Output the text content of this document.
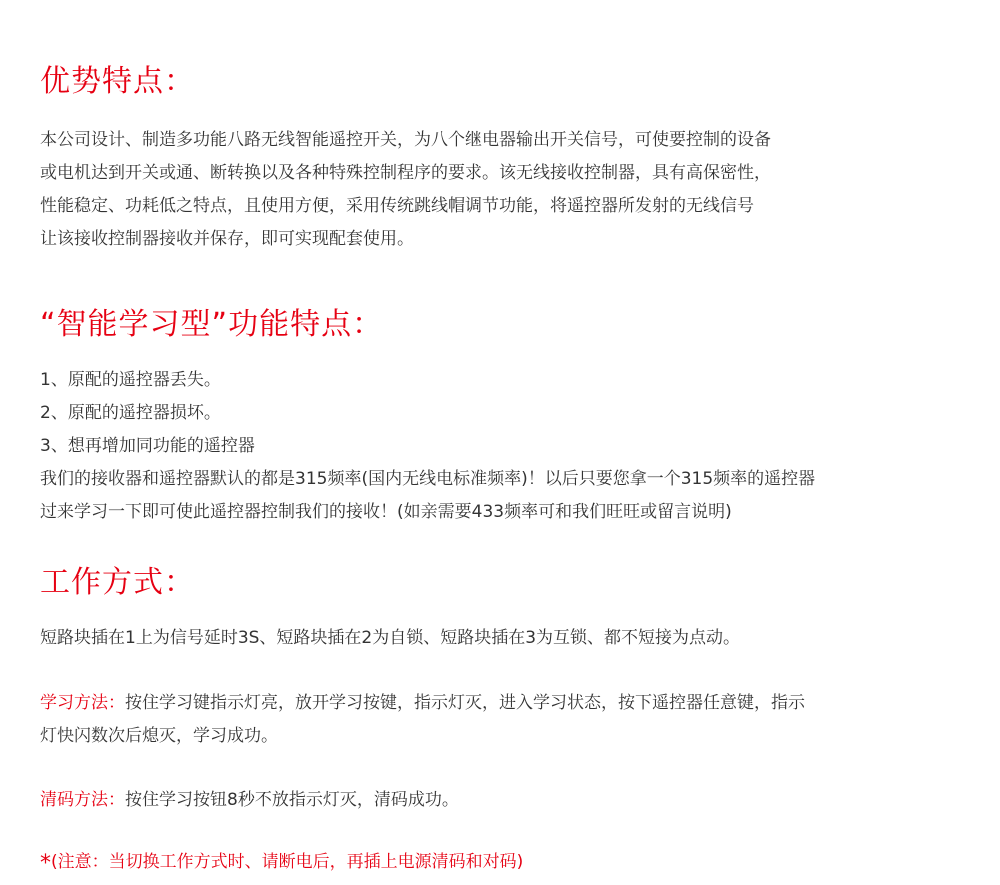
优势特点：
本公司设计、制造多功能八路无线智能遥控开关，为八个继电器输出开关信号，可使要控制的设备
或电机达到开关或通、断转换以及各种特殊控制程序的要求。该无线接收控制器，具有高保密性，
性能稳定、功耗低之特点，且使用方便，采用传统跳线帽调节功能，将遥控器所发射的无线信号
让该接收控制器接收并保存，即可实现配套使用。
“智能学习型”功能特点：
1、原配的遥控器丢失。
2、原配的遥控器损坏。
3、想再增加同功能的遥控器
我们的接收器和遥控器默认的都是315频率(国内无线电标准频率)！以后只要您拿一个315频率的遥控器
过来学习一下即可使此遥控器控制我们的接收！(如亲需要433频率可和我们旺旺或留言说明)
工作方式：
短路块插在1上为信号延时3S、短路块插在2为自锁、短路块插在3为互锁、都不短接为点动。
学习方法：按住学习键指示灯亮，放开学习按键，指示灯灭，进入学习状态，按下遥控器任意键，指示
灯快闪数次后熄灭，学习成功。
清码方法：按住学习按钮8秒不放指示灯灭，清码成功。
*(注意：当切换工作方式时、请断电后，再插上电源清码和对码)
